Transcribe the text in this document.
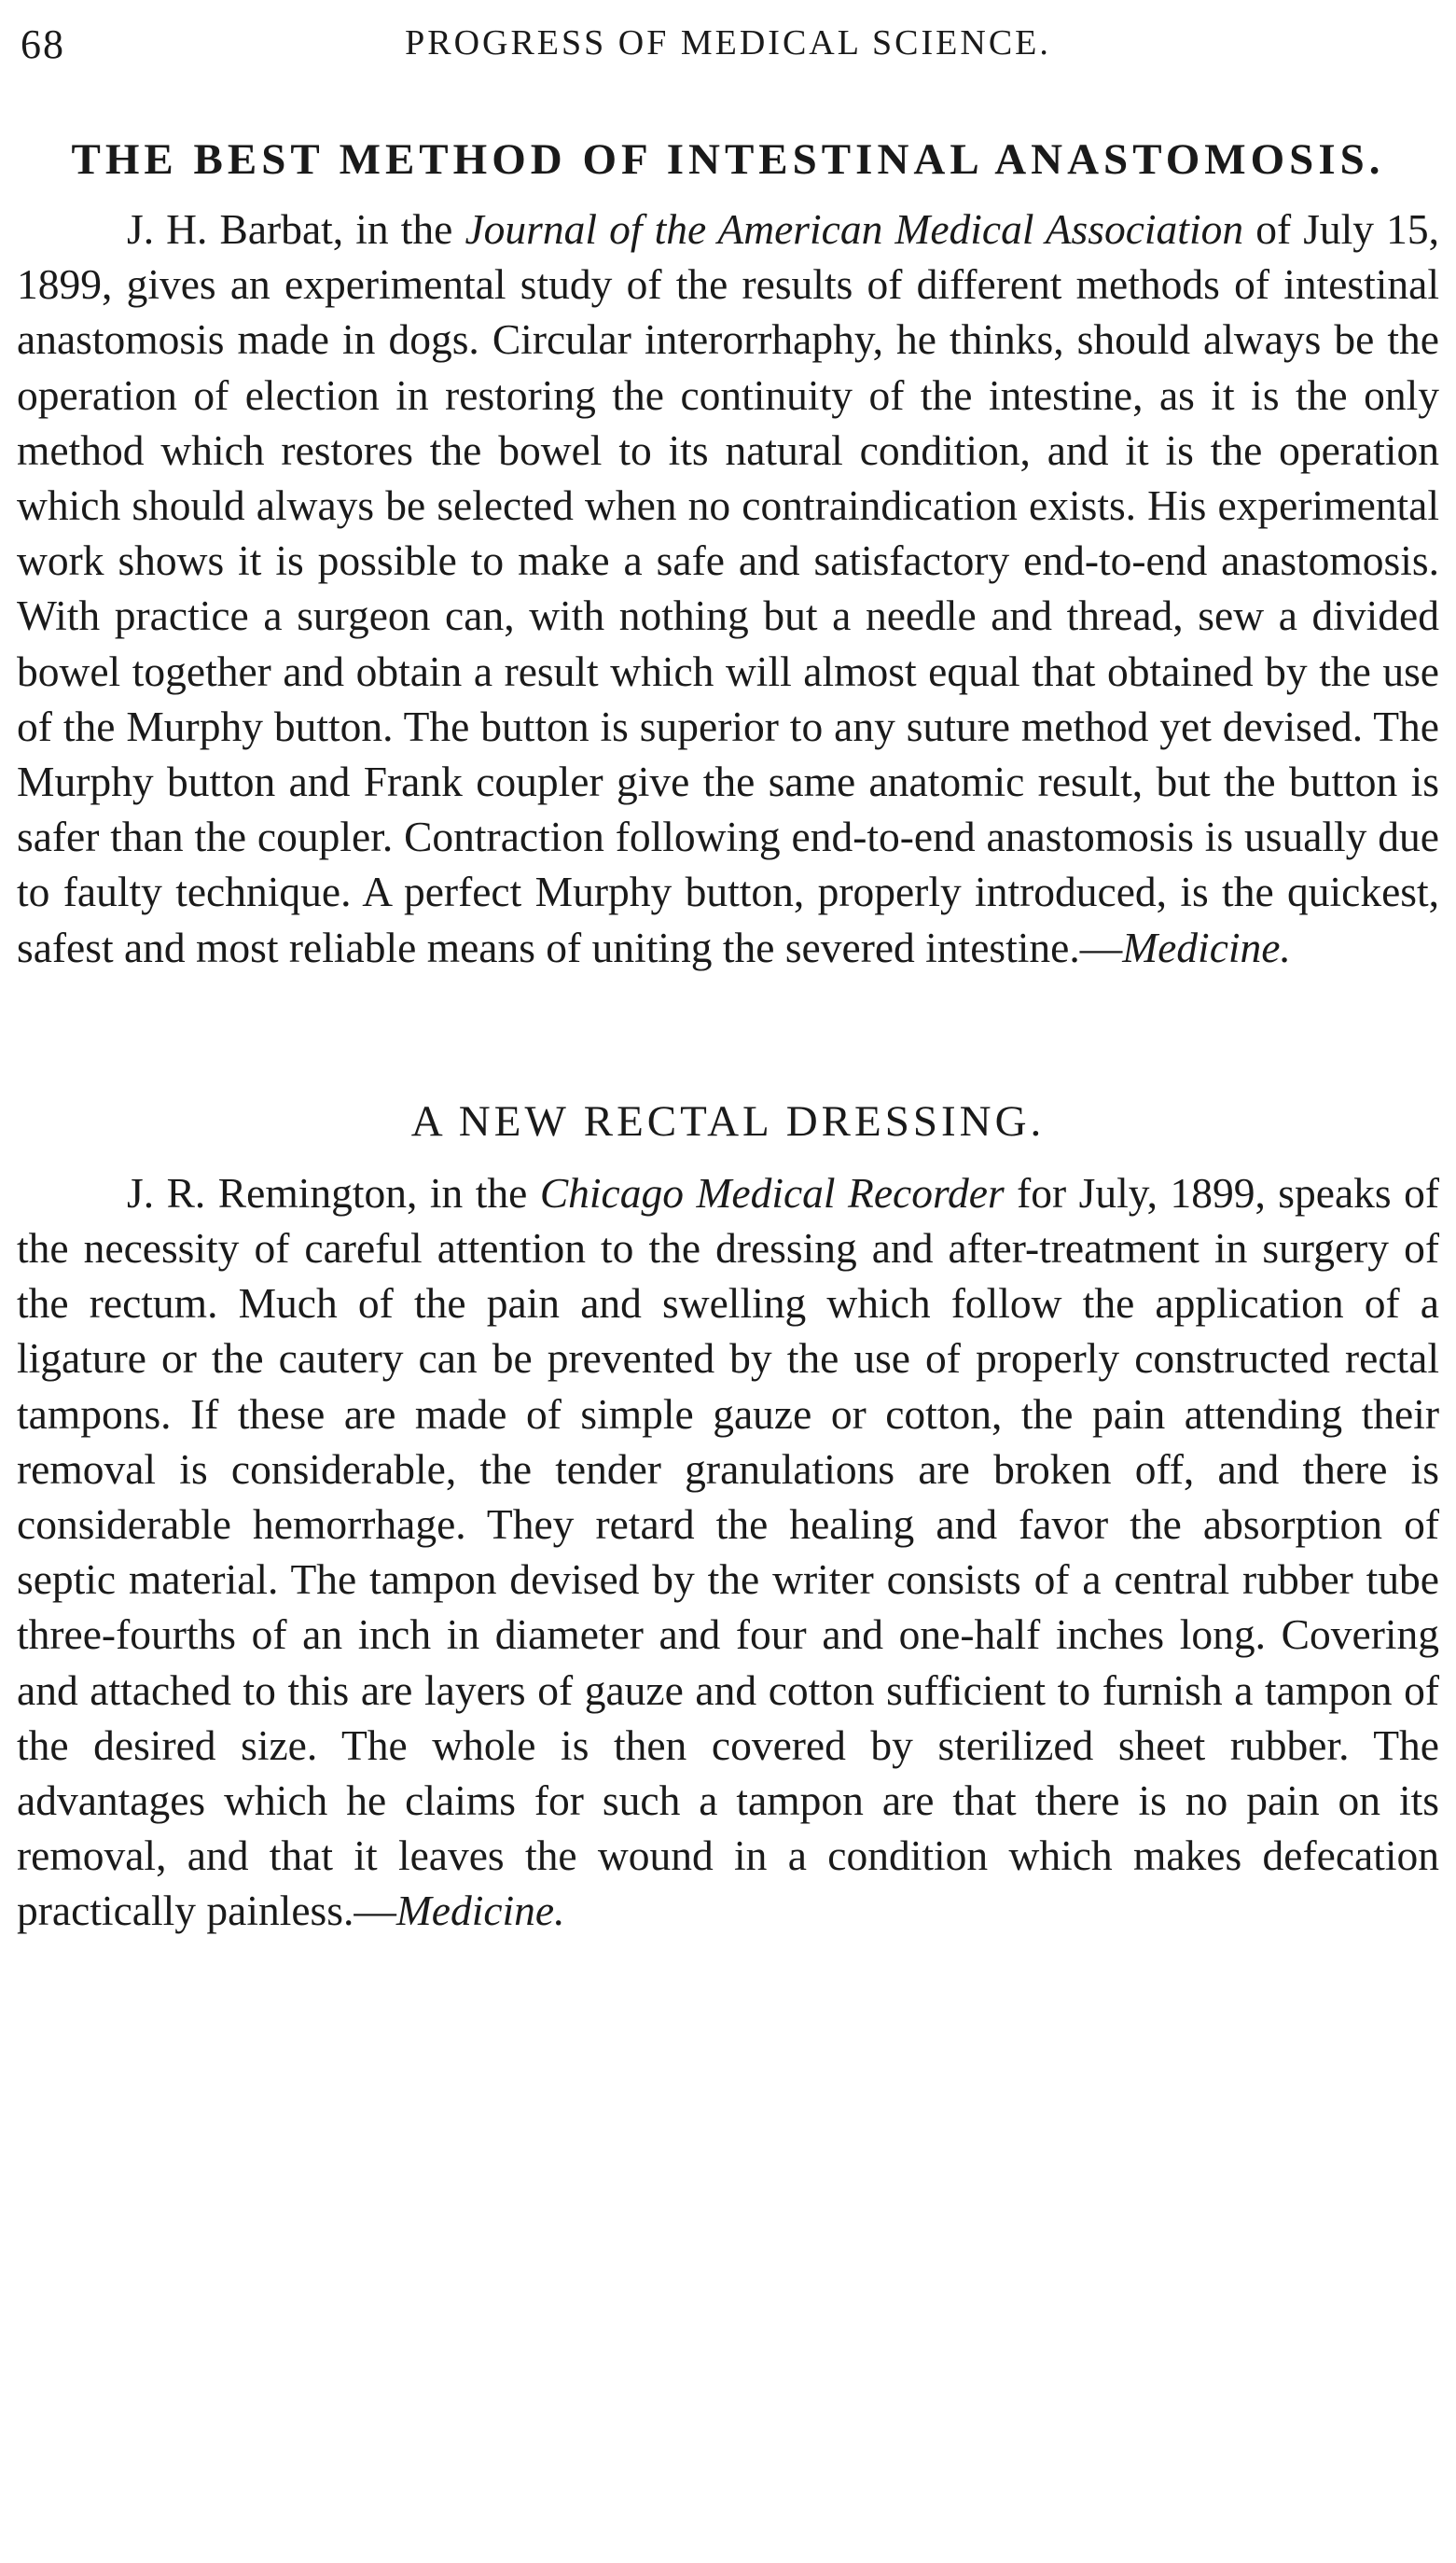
68	PROGRESS OF MEDICAL SCIENCE.
THE BEST METHOD OF INTESTINAL ANASTOMOSIS.

J. H. Barbat, in the Journal of the American Medical Association of July 15, 1899, gives an experimental study of the results of different methods of intestinal anastomosis made in dogs. Circular interorrhaphy, he thinks, should always be the operation of election in restoring the continuity of the intestine, as it is the only method which restores the bowel to its natural condition, and it is the operation which should always be selected when no contraindication exists. His experimental work shows it is possible to make a safe and satisfactory end-to-end anastomosis. With practice a surgeon can, with nothing but a needle and thread, sew a divided bowel together and obtain a result which will almost equal that obtained by the use of the Murphy button. The button is superior to any suture method yet devised. The Murphy button and Frank coupler give the same anatomic result, but the button is safer than the coupler. Contraction following end-to-end anastomosis is usually due to faulty technique. A perfect Murphy button, properly introduced, is the quickest, safest and most reliable means of uniting the severed intestine.—Medicine.

A NEW RECTAL DRESSING.

J. R. Remington, in the Chicago Medical Recorder for July, 1899, speaks of the necessity of careful attention to the dressing and after-treatment in surgery of the rectum. Much of the pain and swelling which follow the application of a ligature or the cautery can be prevented by the use of properly constructed rectal tampons. If these are made of simple gauze or cotton, the pain attending their removal is considerable, the tender granulations are broken off, and there is considerable hemorrhage. They retard the healing and favor the absorption of septic material. The tampon devised by the writer consists of a central rubber tube three-fourths of an inch in diameter and four and one-half inches long. Covering and attached to this are layers of gauze and cotton sufficient to furnish a tampon of the desired size. The whole is then covered by sterilized sheet rubber. The advantages which he claims for such a tampon are that there is no pain on its removal, and that it leaves the wound in a condition which makes defecation practically painless.—Medicine.
